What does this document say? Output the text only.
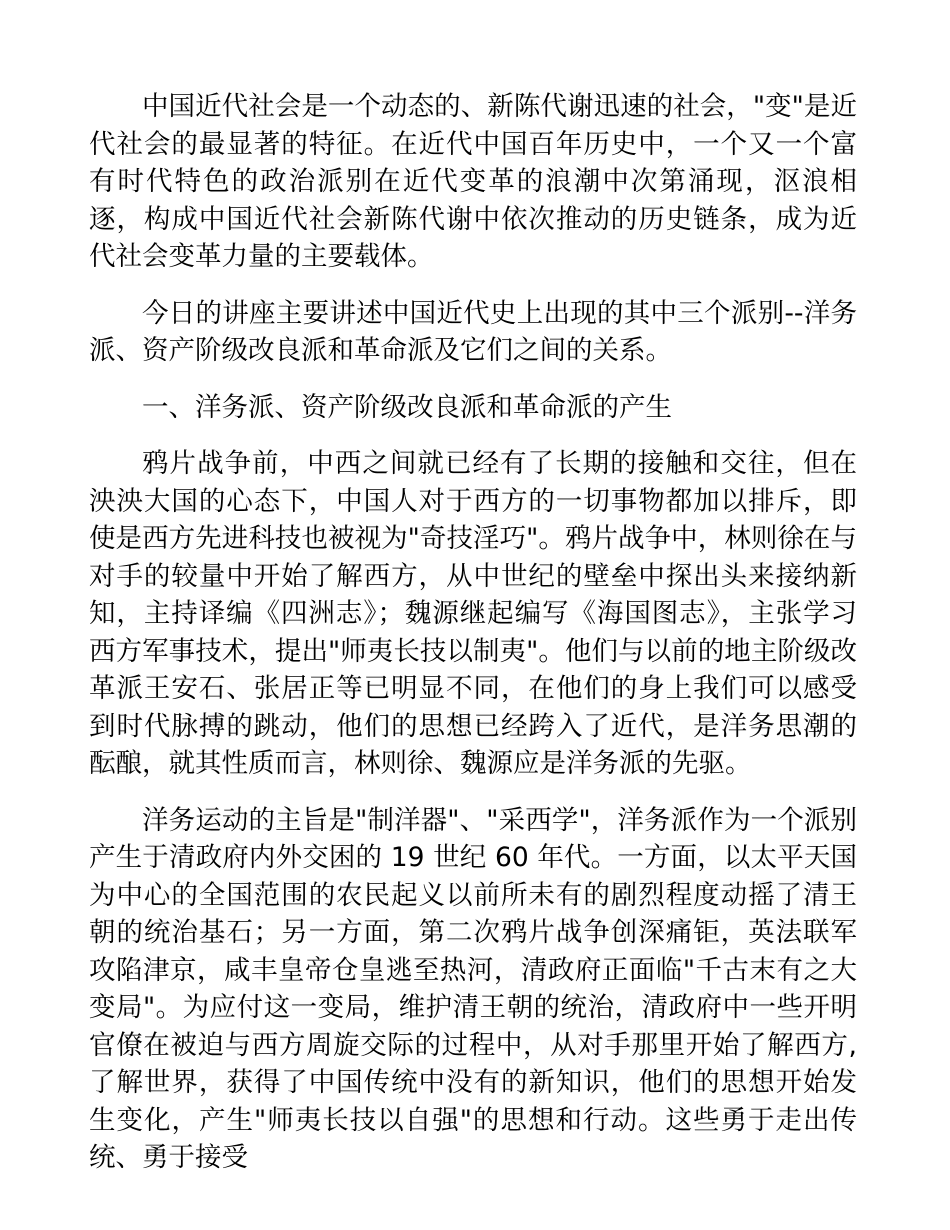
中国近代社会是一个动态的、新陈代谢迅速的社会，"变"是近代社会的最显著的特征。在近代中国百年历史中，一个又一个富有时代特色的政治派别在近代变革的浪潮中次第涌现，沤浪相逐，构成中国近代社会新陈代谢中依次推动的历史链条，成为近代社会变革力量的主要载体。

今日的讲座主要讲述中国近代史上出现的其中三个派别--洋务派、资产阶级改良派和革命派及它们之间的关系。

一、洋务派、资产阶级改良派和革命派的产生

鸦片战争前，中西之间就已经有了长期的接触和交往，但在泱泱大国的心态下，中国人对于西方的一切事物都加以排斥，即使是西方先进科技也被视为"奇技淫巧"。鸦片战争中，林则徐在与对手的较量中开始了解西方，从中世纪的壁垒中探出头来接纳新知，主持译编《四洲志》；魏源继起编写《海国图志》，主张学习西方军事技术，提出"师夷长技以制夷"。他们与以前的地主阶级改革派王安石、张居正等已明显不同，在他们的身上我们可以感受到时代脉搏的跳动，他们的思想已经跨入了近代，是洋务思潮的酝酿，就其性质而言，林则徐、魏源应是洋务派的先驱。

洋务运动的主旨是"制洋器"、"采西学"，洋务派作为一个派别产生于清政府内外交困的 19 世纪 60 年代。一方面，以太平天国为中心的全国范围的农民起义以前所未有的剧烈程度动摇了清王朝的统治基石；另一方面，第二次鸦片战争创深痛钜，英法联军攻陷津京，咸丰皇帝仓皇逃至热河，清政府正面临"千古末有之大变局"。为应付这一变局，维护清王朝的统治，清政府中一些开明官僚在被迫与西方周旋交际的过程中，从对手那里开始了解西方,了解世界，获得了中国传统中没有的新知识，他们的思想开始发生变化，产生"师夷长技以自强"的思想和行动。这些勇于走出传统、勇于接受
